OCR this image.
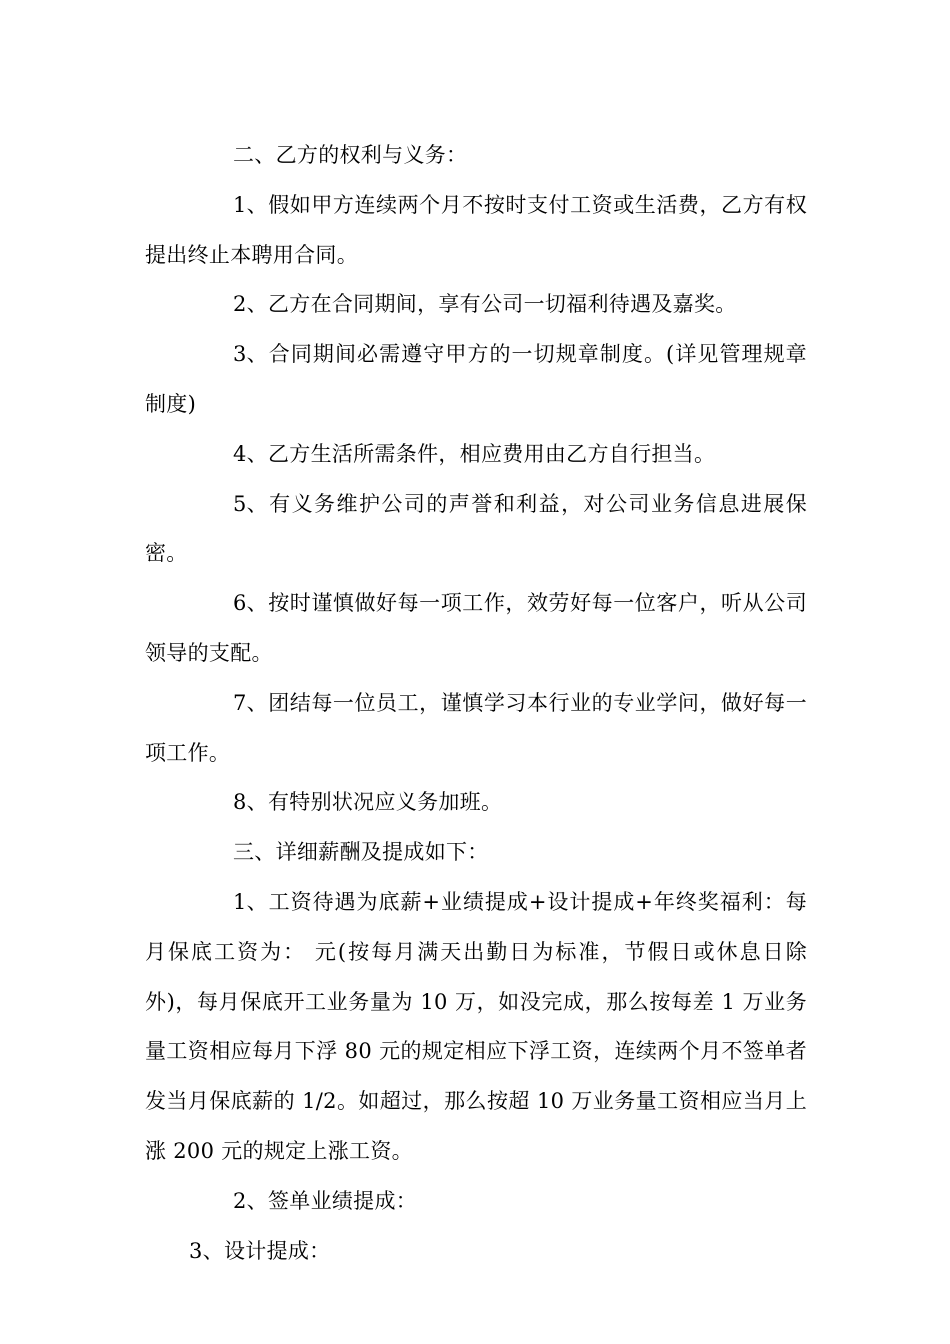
二、乙方的权利与义务：

1、假如甲方连续两个月不按时支付工资或生活费，乙方有权提出终止本聘用合同。

2、乙方在合同期间，享有公司一切福利待遇及嘉奖。

3、合同期间必需遵守甲方的一切规章制度。(详见管理规章制度)

4、乙方生活所需条件，相应费用由乙方自行担当。

5、有义务维护公司的声誉和利益，对公司业务信息进展保密。

6、按时谨慎做好每一项工作，效劳好每一位客户，听从公司领导的支配。

7、团结每一位员工，谨慎学习本行业的专业学问，做好每一项工作。

8、有特别状况应义务加班。

三、详细薪酬及提成如下：

1、工资待遇为底薪+业绩提成+设计提成+年终奖福利：每月保底工资为： 元(按每月满天出勤日为标准，节假日或休息日除外)，每月保底开工业务量为 10 万，如没完成，那么按每差 1 万业务量工资相应每月下浮 80 元的规定相应下浮工资，连续两个月不签单者发当月保底薪的 1/2。如超过，那么按超 10 万业务量工资相应当月上涨 200 元的规定上涨工资。

2、签单业绩提成：

3、设计提成：
